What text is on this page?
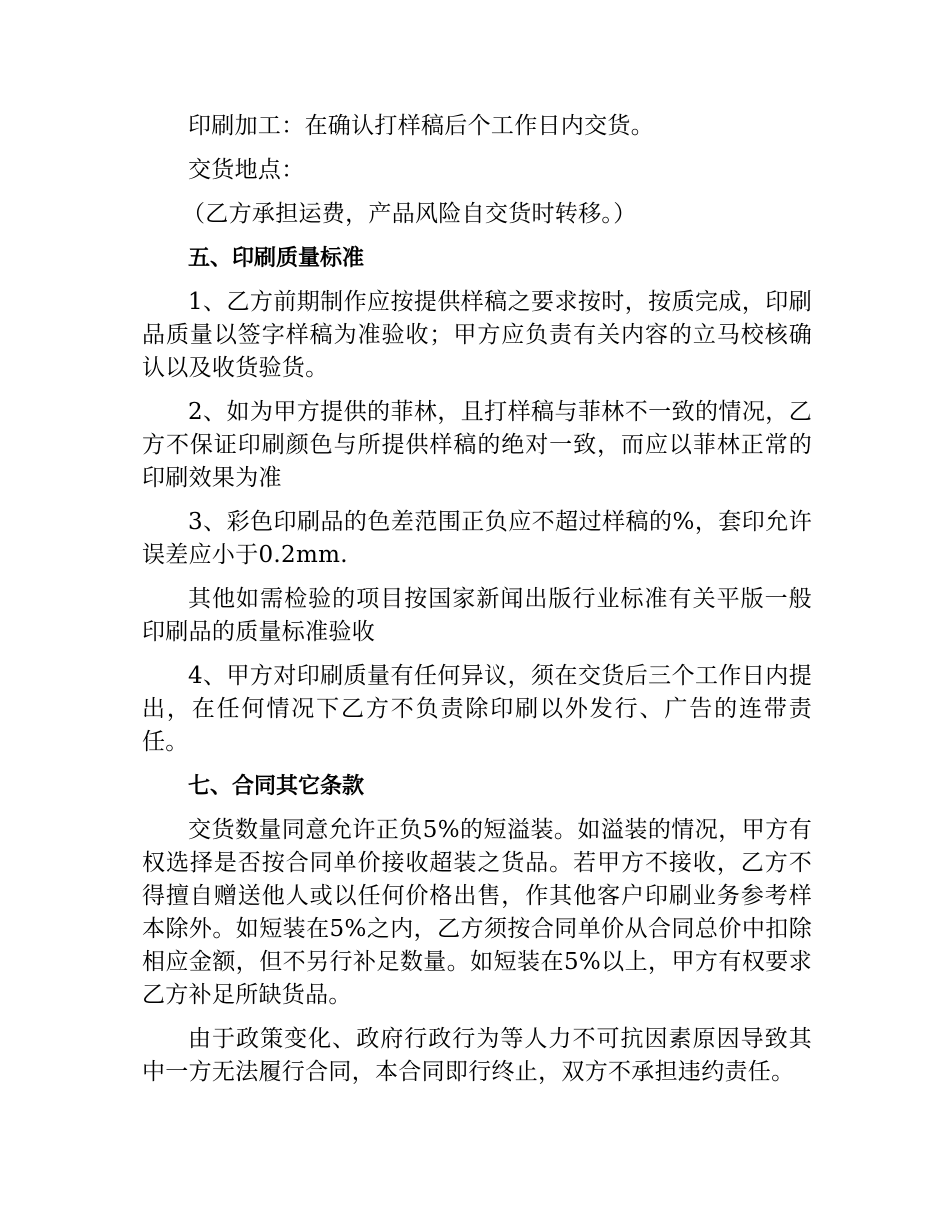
印刷加工：在确认打样稿后个工作日内交货。

交货地点：

（乙方承担运费，产品风险自交货时转移。）

五、印刷质量标准

1、乙方前期制作应按提供样稿之要求按时，按质完成，印刷品质量以签字样稿为准验收；甲方应负责有关内容的立马校核确认以及收货验货。

2、如为甲方提供的菲林，且打样稿与菲林不一致的情况，乙方不保证印刷颜色与所提供样稿的绝对一致，而应以菲林正常的印刷效果为准

3、彩色印刷品的色差范围正负应不超过样稿的%，套印允许误差应小于0.2mm.

其他如需检验的项目按国家新闻出版行业标准有关平版一般印刷品的质量标准验收

4、甲方对印刷质量有任何异议，须在交货后三个工作日内提出，在任何情况下乙方不负责除印刷以外发行、广告的连带责任。

七、合同其它条款

交货数量同意允许正负5%的短溢装。如溢装的情况，甲方有权选择是否按合同单价接收超装之货品。若甲方不接收，乙方不得擅自赠送他人或以任何价格出售，作其他客户印刷业务参考样本除外。如短装在5%之内，乙方须按合同单价从合同总价中扣除相应金额，但不另行补足数量。如短装在5%以上，甲方有权要求乙方补足所缺货品。

由于政策变化、政府行政行为等人力不可抗因素原因导致其中一方无法履行合同，本合同即行终止，双方不承担违约责任。
